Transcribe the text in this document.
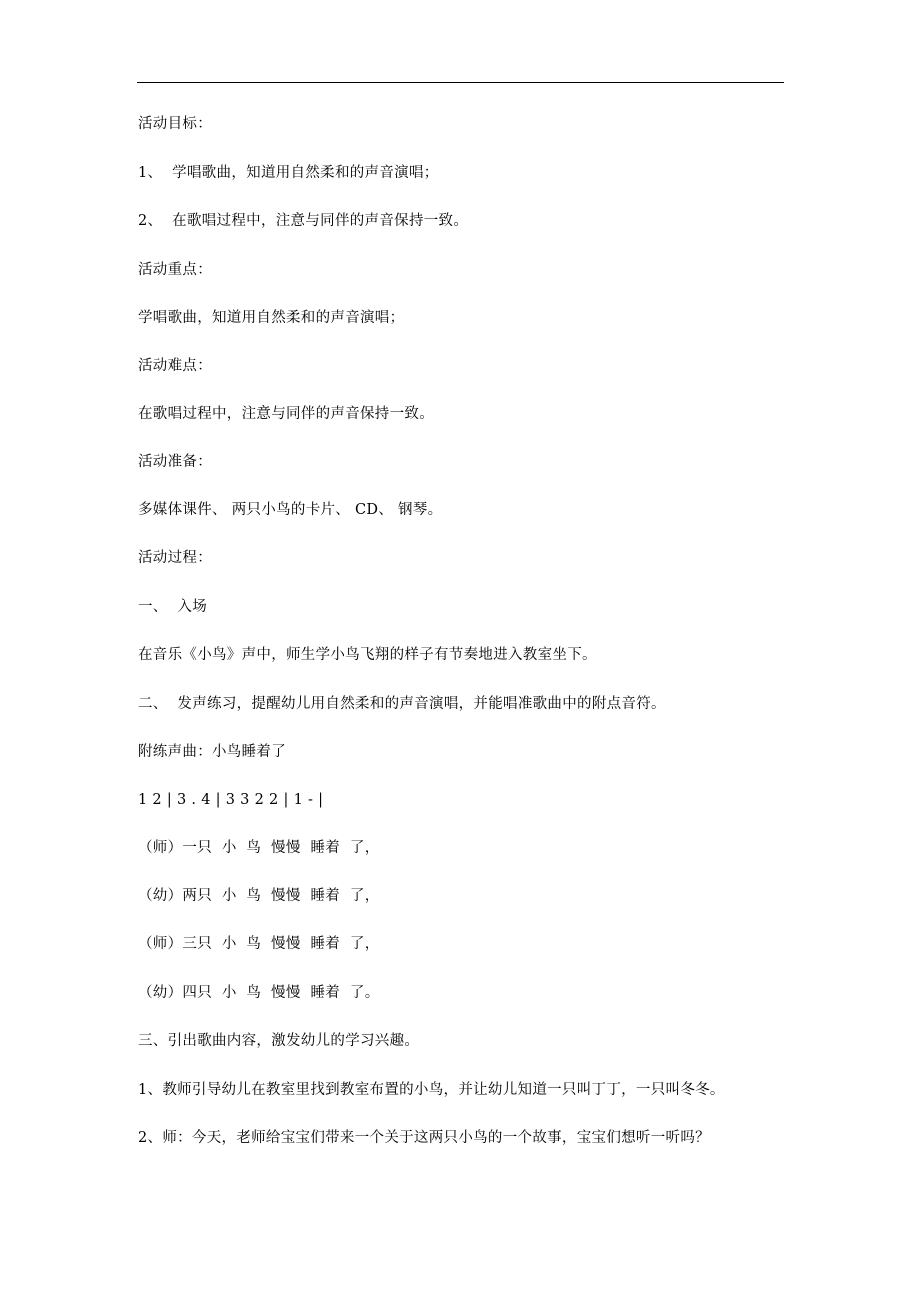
活动目标：
1、  学唱歌曲，知道用自然柔和的声音演唱；
2、  在歌唱过程中，注意与同伴的声音保持一致。
活动重点：
学唱歌曲，知道用自然柔和的声音演唱；
活动难点：
在歌唱过程中，注意与同伴的声音保持一致。
活动准备：
多媒体课件、 两只小鸟的卡片、 CD、 钢琴。
活动过程：
一、  入场
在音乐《小鸟》声中，师生学小鸟飞翔的样子有节奏地进入教室坐下。
二、  发声练习，提醒幼儿用自然柔和的声音演唱，并能唱准歌曲中的附点音符。
附练声曲：小鸟睡着了
1 2 | 3 . 4 | 3 3 2 2 | 1 - |
（师）一只  小  鸟  慢慢  睡着  了，
（幼）两只  小  鸟  慢慢  睡着  了，
（师）三只  小  鸟  慢慢  睡着  了，
（幼）四只  小  鸟  慢慢  睡着  了。
三、引出歌曲内容，激发幼儿的学习兴趣。
1、教师引导幼儿在教室里找到教室布置的小鸟，并让幼儿知道一只叫丁丁，一只叫冬冬。
2、师：今天，老师给宝宝们带来一个关于这两只小鸟的一个故事，宝宝们想听一听吗？
